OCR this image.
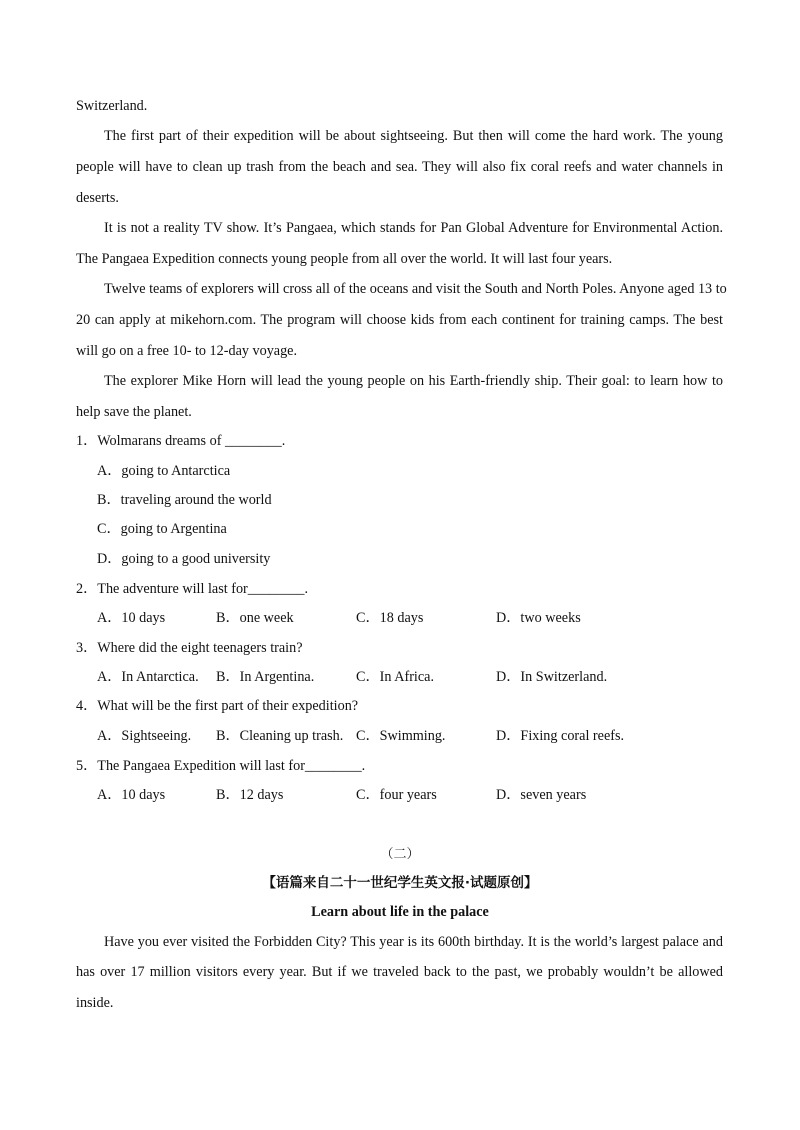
Switzerland.
The first part of their expedition will be about sightseeing. But then will come the hard work. The young
people will have to clean up trash from the beach and sea. They will also fix coral reefs and water channels in
deserts.
It is not a reality TV show. It’s Pangaea, which stands for Pan Global Adventure for Environmental Action.
The Pangaea Expedition connects young people from all over the world. It will last four years.
Twelve teams of explorers will cross all of the oceans and visit the South and North Poles. Anyone aged 13 to
20 can apply at mikehorn.com. The program will choose kids from each continent for training camps. The best
will go on a free 10- to 12-day voyage.
The explorer Mike Horn will lead the young people on his Earth-friendly ship. Their goal: to learn how to
help save the planet.
1．Wolmarans dreams of ________.
A．going to Antarctica
B．traveling around the world
C．going to Argentina
D．going to a good university
2．The adventure will last for________.
A．10 days	B．one week	C．18 days	D．two weeks
3．Where did the eight teenagers train?
A．In Antarctica. B．In Argentina.	C．In Africa.	D．In Switzerland.
4．What will be the first part of their expedition?
A．Sightseeing. B．Cleaning up trash. C．Swimming.	D．Fixing coral reefs.
5．The Pangaea Expedition will last for________.
A．10 days	B．12 days	C．four years	D．seven years
（二）
【语篇来自二十一世纪学生英文报·试题原创】
Learn about life in the palace
Have you ever visited the Forbidden City? This year is its 600th birthday. It is the world’s largest palace and
has over 17 million visitors every year. But if we traveled back to the past, we probably wouldn’t be allowed
inside.
